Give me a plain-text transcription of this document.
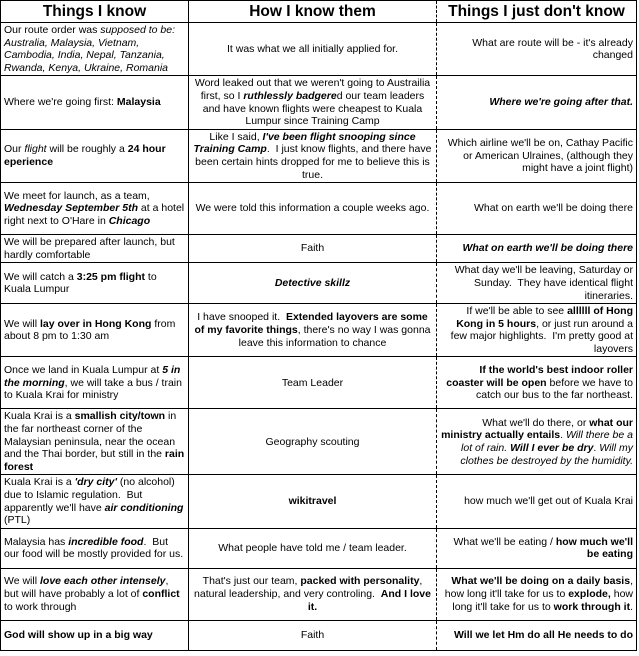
Things I know	How I know them	Things I just don't know
Our route order was supposed to be: Australia, Malaysia, Vietnam, Cambodia, India, Nepal, Tanzania, Rwanda, Kenya, Ukraine, Romania	It was what we all initially applied for.	What are route will be - it's already changed
Where we're going first: Malaysia	Word leaked out that we weren't going to Austrailia first, so I ruthlessly badgered our team leaders and have known flights were cheapest to Kuala Lumpur since Training Camp	Where we're going after that.
Our flight will be roughly a 24 hour eperience	Like I said, I've been flight snooping since Training Camp.  I just know flights, and there have been certain hints dropped for me to believe this is true.	Which airline we'll be on, Cathay Pacific or American Ulraines, (although they might have a joint flight)
We meet for launch, as a team, Wednesday September 5th at a hotel right next to O'Hare in Chicago	We were told this information a couple weeks ago.	What on earth we'll be doing there
We will be prepared after launch, but hardly comfortable	Faith	What on earth we'll be doing there
We will catch a 3:25 pm flight to Kuala Lumpur	Detective skillz	What day we'll be leaving, Saturday or Sunday.  They have identical flight itineraries.
We will lay over in Hong Kong from about 8 pm to 1:30 am	I have snooped it.  Extended layovers are some of my favorite things, there's no way I was gonna leave this information to chance	If we'll be able to see allllll of Hong Kong in 5 hours, or just run around a few major highlights.  I'm pretty good at layovers
Once we land in Kuala Lumpur at 5 in the morning, we will take a bus / train to Kuala Krai for ministry	Team Leader	If the world's best indoor roller coaster will be open before we have to catch our bus to the far northeast.
Kuala Krai is a smallish city/town in the far northeast corner of the Malaysian peninsula, near the ocean and the Thai border, but still in the rain forest	Geography scouting	What we'll do there, or what our ministry actually entails. Will there be a lot of rain. Will I ever be dry. Will my clothes be destroyed by the humidity.
Kuala Krai is a 'dry city' (no alcohol) due to Islamic regulation.  But apparently we'll have air conditioning (PTL)	wikitravel	how much we'll get out of Kuala Krai
Malaysia has incredible food.  But our food will be mostly provided for us.	What people have told me / team leader.	What we'll be eating / how much we'll be eating
We will love each other intensely, but will have probably a lot of conflict to work through	That's just our team, packed with personality, natural leadership, and very controling.  And I love it.	What we'll be doing on a daily basis, how long it'll take for us to explode, how long it'll take for us to work through it.
God will show up in a big way	Faith	Will we let Hm do all He needs to do
